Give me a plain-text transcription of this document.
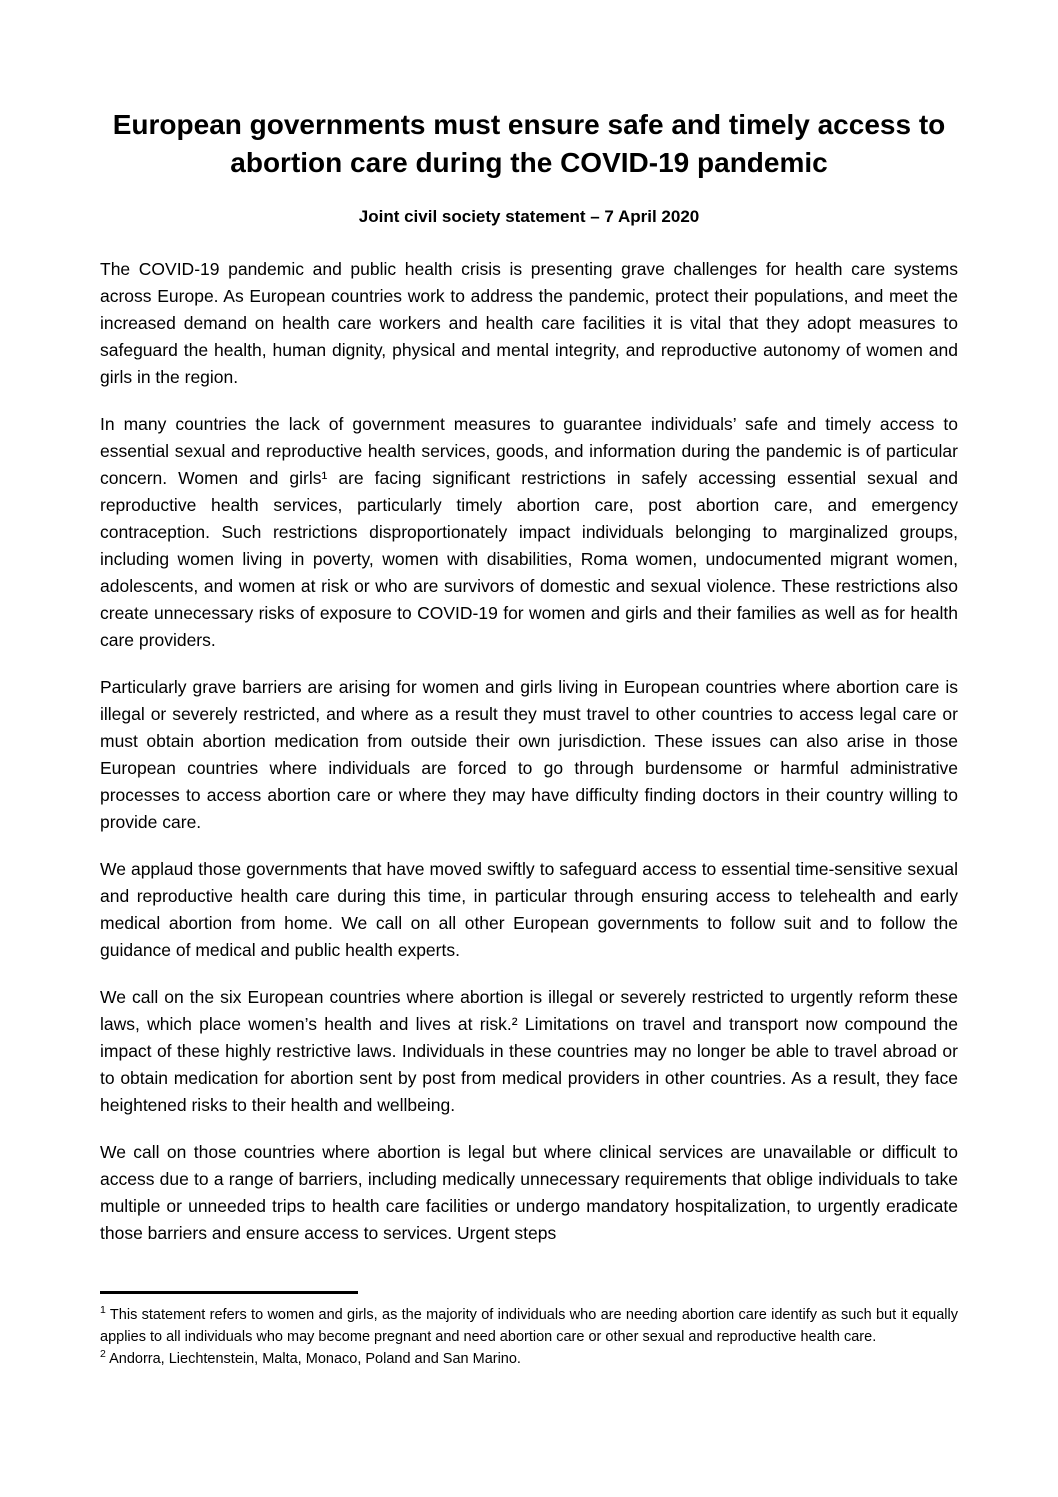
European governments must ensure safe and timely access to abortion care during the COVID-19 pandemic
Joint civil society statement – 7 April 2020

The COVID-19 pandemic and public health crisis is presenting grave challenges for health care systems across Europe. As European countries work to address the pandemic, protect their populations, and meet the increased demand on health care workers and health care facilities it is vital that they adopt measures to safeguard the health, human dignity, physical and mental integrity, and reproductive autonomy of women and girls in the region.

In many countries the lack of government measures to guarantee individuals’ safe and timely access to essential sexual and reproductive health services, goods, and information during the pandemic is of particular concern. Women and girls¹ are facing significant restrictions in safely accessing essential sexual and reproductive health services, particularly timely abortion care, post abortion care, and emergency contraception. Such restrictions disproportionately impact individuals belonging to marginalized groups, including women living in poverty, women with disabilities, Roma women, undocumented migrant women, adolescents, and women at risk or who are survivors of domestic and sexual violence. These restrictions also create unnecessary risks of exposure to COVID-19 for women and girls and their families as well as for health care providers.

Particularly grave barriers are arising for women and girls living in European countries where abortion care is illegal or severely restricted, and where as a result they must travel to other countries to access legal care or must obtain abortion medication from outside their own jurisdiction. These issues can also arise in those European countries where individuals are forced to go through burdensome or harmful administrative processes to access abortion care or where they may have difficulty finding doctors in their country willing to provide care.

We applaud those governments that have moved swiftly to safeguard access to essential time-sensitive sexual and reproductive health care during this time, in particular through ensuring access to telehealth and early medical abortion from home. We call on all other European governments to follow suit and to follow the guidance of medical and public health experts.

We call on the six European countries where abortion is illegal or severely restricted to urgently reform these laws, which place women’s health and lives at risk.² Limitations on travel and transport now compound the impact of these highly restrictive laws. Individuals in these countries may no longer be able to travel abroad or to obtain medication for abortion sent by post from medical providers in other countries. As a result, they face heightened risks to their health and wellbeing.

We call on those countries where abortion is legal but where clinical services are unavailable or difficult to access due to a range of barriers, including medically unnecessary requirements that oblige individuals to take multiple or unneeded trips to health care facilities or undergo mandatory hospitalization, to urgently eradicate those barriers and ensure access to services. Urgent steps

$^1$ This statement refers to women and girls, as the majority of individuals who are needing abortion care identify as such but it equally applies to all individuals who may become pregnant and need abortion care or other sexual and reproductive health care.

$^2$ Andorra, Liechtenstein, Malta, Monaco, Poland and San Marino.
